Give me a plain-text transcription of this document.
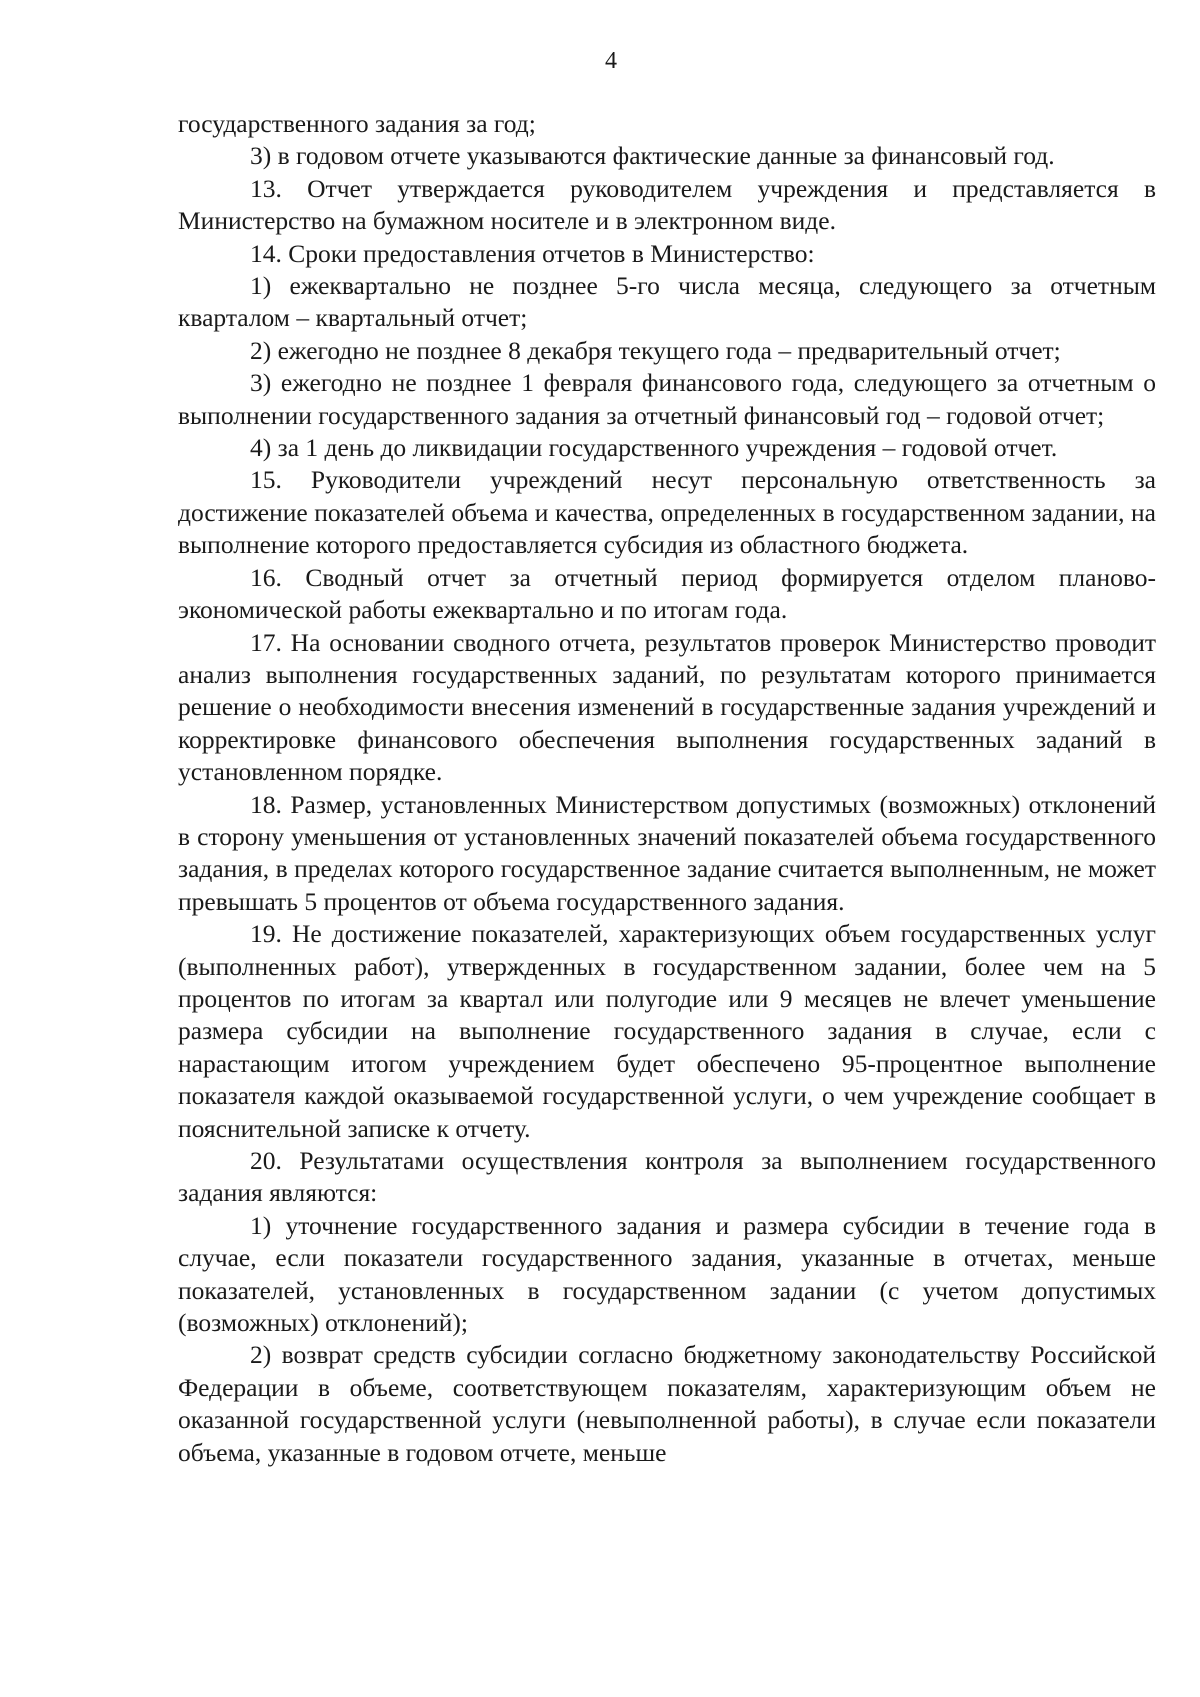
4

государственного задания за год;

3) в годовом отчете указываются фактические данные за финансовый год.

13. Отчет утверждается руководителем учреждения и представляется в Министерство на бумажном носителе и в электронном виде.

14. Сроки предоставления отчетов в Министерство:

1) ежеквартально не позднее 5-го числа месяца, следующего за отчетным кварталом – квартальный отчет;

2) ежегодно не позднее 8 декабря текущего года – предварительный отчет;

3) ежегодно не позднее 1 февраля финансового года, следующего за отчетным о выполнении государственного задания за отчетный финансовый год – годовой отчет;

4) за 1 день до ликвидации государственного учреждения – годовой отчет.

15. Руководители учреждений несут персональную ответственность за достижение показателей объема и качества, определенных в государственном задании, на выполнение которого предоставляется субсидия из областного бюджета.

16. Сводный отчет за отчетный период формируется отделом планово-экономической работы ежеквартально и по итогам года.

17. На основании сводного отчета, результатов проверок Министерство проводит анализ выполнения государственных заданий, по результатам которого принимается решение о необходимости внесения изменений в государственные задания учреждений и корректировке финансового обеспечения выполнения государственных заданий в установленном порядке.

18. Размер, установленных Министерством допустимых (возможных) отклонений в сторону уменьшения от установленных значений показателей объема государственного задания, в пределах которого государственное задание считается выполненным, не может превышать 5 процентов от объема государственного задания.

19. Не достижение показателей, характеризующих объем государственных услуг (выполненных работ), утвержденных в государственном задании, более чем на 5 процентов по итогам за квартал или полугодие или 9 месяцев не влечет уменьшение размера субсидии на выполнение государственного задания в случае, если с нарастающим итогом учреждением будет обеспечено 95-процентное выполнение показателя каждой оказываемой государственной услуги, о чем учреждение сообщает в пояснительной записке к отчету.

20. Результатами осуществления контроля за выполнением государственного задания являются:

1) уточнение государственного задания и размера субсидии в течение года в случае, если показатели государственного задания, указанные в отчетах, меньше показателей, установленных в государственном задании (с учетом допустимых (возможных) отклонений);

2) возврат средств субсидии согласно бюджетному законодательству Российской Федерации в объеме, соответствующем показателям, характеризующим объем не оказанной государственной услуги (невыполненной работы), в случае если показатели объема, указанные в годовом отчете, меньше
